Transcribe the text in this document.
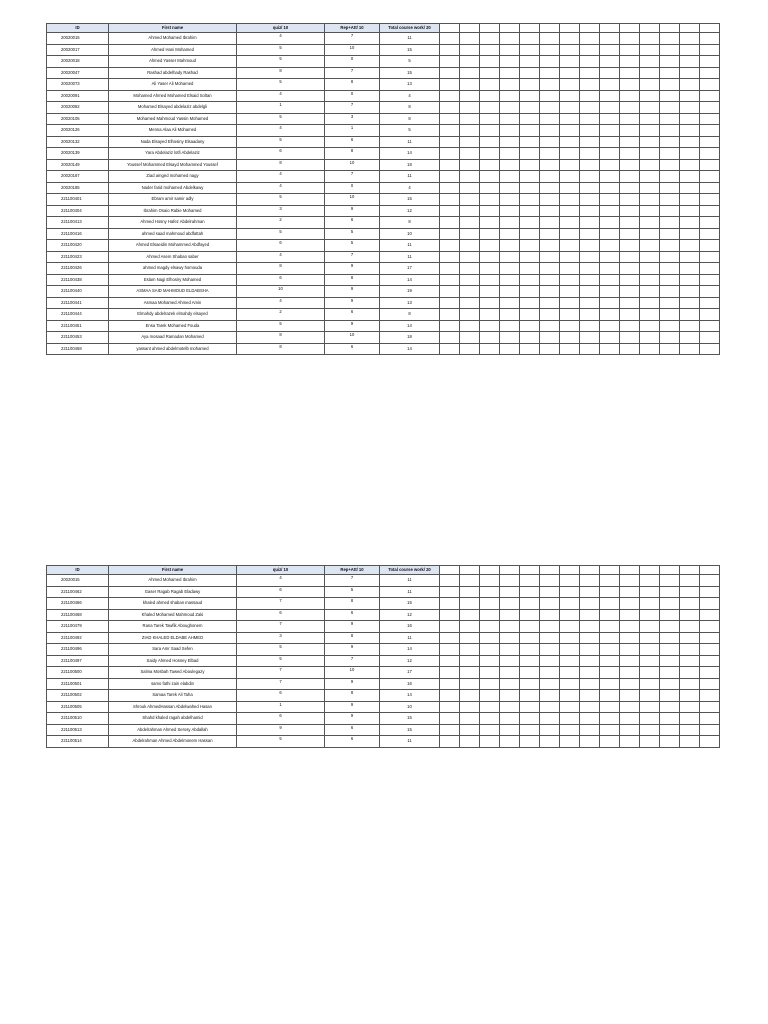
ID	First name	quiz/ 10	Rep+Att/ 10	Total course work/ 20														
20020015	Ahmed Mohamed Ibrahim	4	7	11														
20020017	Ahmed Hani Mohamed	5	10	15														
20020018	Ahmed Yasser Mahmoud	5	0	5														
20020047	Rashad abdelhady Rashad	8	7	15														
20020073	Ali Yaser Ali Mohamed	5	8	13														
20020091	Mohamed Ahmed Mohamed Elsaid Soltan	4	0	4														
20020082	Mohamed Elsayed abdelaziz abdelgli	1	7	8														
20020105	Mohamed Mahmoud Yassin Mohamed	5	3	8														
20020126	Menna Alaa Ali Mohamed	4	1	5														
20020132	Nada Elsayed Elhosiny Elsaadany	5	6	11														
20020139	Yara Abdelaziz lotfi Abdelaziz	6	8	14														
20020149	Youssef Mohammed Elsayd Mohammed Youssef	8	10	18														
20020167	Ziad amged mohamed nagy	4	7	11														
20020185	Nader farid mohamed Abdelkawy	4	0	4														
221100401	Ebram amir samir adly	5	10	15														
221100404	Ibrahim Osaio Rabie Mohamed	3	9	12														
221100413	Ahmed Hosny Hafez Abdelrahman	2	6	8														
221100416	ahmed saad mahmoud abdfattah	5	5	10														
221100420	Ahmed Elsaeidin Mohammed Abdfayed	6	5	11														
221100423	Ahmed Asem Shaban saber	4	7	11														
221100426	ahmed magdy elsawy homouda	8	9	17														
221100438	Eslam Nagi Elhosiry Mohamed	6	8	14														
221100440	ASMAA SAID MAHMOUD ELDABSHA	10	9	19														
221100441	Asmaa Mohamed Ahmed Amin	4	9	13														
221100444	Elmahdy abdelrazek elmahdy elsayed	2	6	8														
221100451	Ensa Tarek Mohamed Fouda	5	9	14														
221100453	Aya mosaad Ramadan Mohamed	8	10	18														
221100458	yassant ahmed abdelmotelb mohamed	8	6	14														
ID	First name	quiz/ 10	Rep+Att/ 10	Total course work/ 20														
20020015	Ahmed Mohamed Ibrahim	4	7	11														
221100462	Gaser Ragab Ragab Eladawy	6	5	11														
221100466	khaled ahmed shaban massaud	7	8	15														
221100468	Khaled Mohamed Mahmoud Zaki	6	6	12														
221100479	Rana Tarek Tawfik Aboughonem	7	9	16														
221100492	ZIAD KHALED ELDABE AHMED	3	8	11														
221100496	Sara Amr Saad Sefen	5	9	14														
221100497	Saidy Ahmed Hosney Elbad	5	7	12														
221100500	Salma Mosbah Tawed Aboulegazy	7	10	17														
221100501	samo fathi zain elabdin	7	9	16														
221100502	Samaa Tarek Ali Taha	6	8	14														
221100505	Shrouk AhmedHassan Abdelwahed Hasan	1	9	10														
221100510	Shahd khaled ragah abdelhamid	6	9	15														
221100513	Abdelrahman Ahmed Serosy Abdallah	9	6	15														
221100514	Abdelrahman Ahmed Abdelmonem Hassan	5	6	11														
